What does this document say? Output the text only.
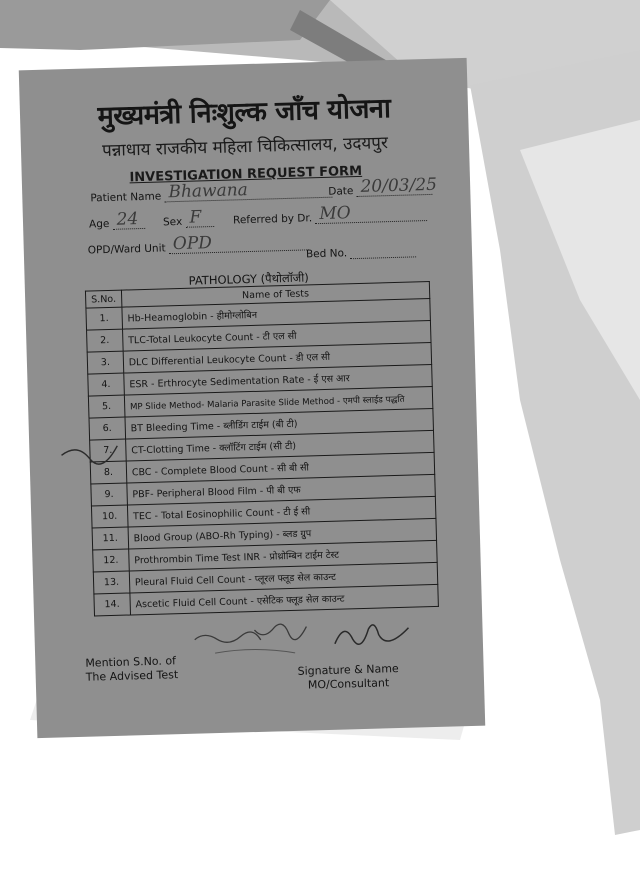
मुख्यमंत्री निःशुल्क जाँच योजना
पन्नाधाय राजकीय महिला चिकित्सालय, उदयपुर
INVESTIGATION REQUEST FORM
Patient Name Bhawana	Date 20/03/25
Age 24 Sex F	Referred by Dr. MO
OPD/Ward Unit OPD	Bed No.
PATHOLOGY (पैथोलॉजी)
S.No.	Name of Tests
1.	Hb-Heamoglobin - हीमोग्लोबिन
2.	TLC-Total Leukocyte Count - टी एल सी
3.	DLC Differential Leukocyte Count - डी एल सी
4.	ESR - Erthrocyte Sedimentation Rate - ई एस आर
5.	MP Slide Method- Malaria Parasite Slide Method - एमपी स्लाईड पद्धति
6.	BT Bleeding Time - ब्लीडिंग टाईम (बी टी)
7.	CT-Clotting Time - क्लॉटिंग टाईम (सी टी)
8.	CBC - Complete Blood Count - सी बी सी
9.	PBF- Peripheral Blood Film - पी बी एफ
10.	TEC - Total Eosinophilic Count - टी ई सी
11.	Blood Group (ABO-Rh Typing) - ब्लड ग्रुप
12.	Prothrombin Time Test INR - प्रोथ्रोम्बिन टाईम टेस्ट
13.	Pleural Fluid Cell Count - प्लूरल फ्लूड सेल काउन्ट
14.	Ascetic Fluid Cell Count - एसेटिक फ्लूड सेल काउन्ट
Mention S.No. of
The Advised Test	Signature & Name
MO/Consultant
